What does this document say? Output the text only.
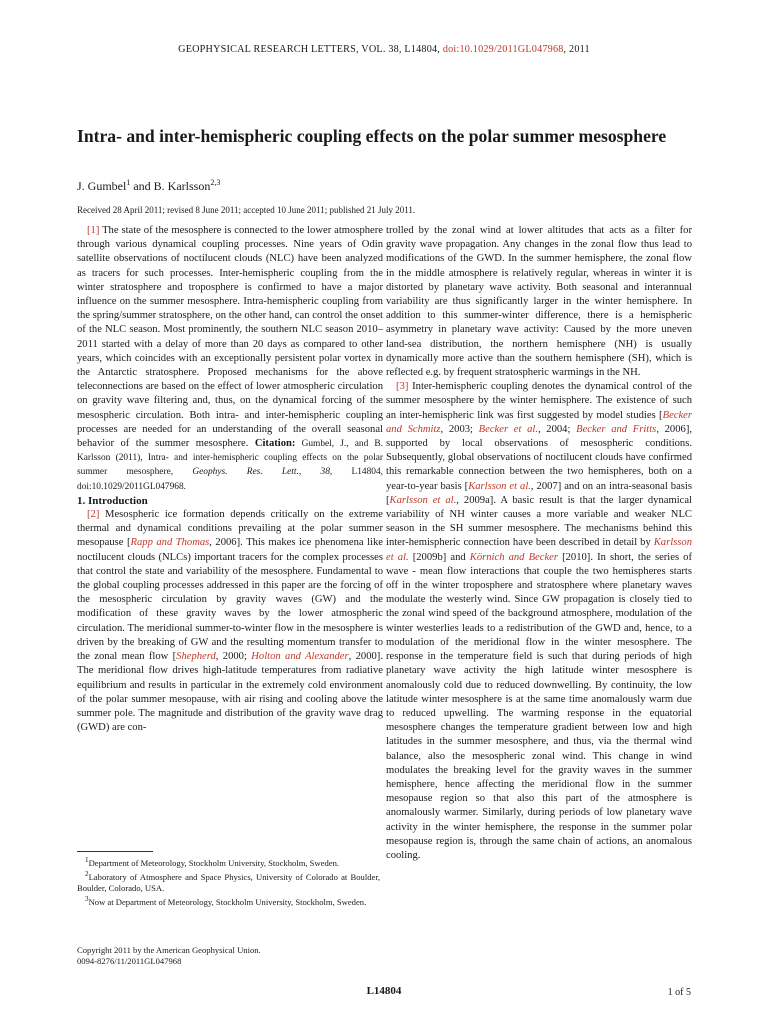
GEOPHYSICAL RESEARCH LETTERS, VOL. 38, L14804, doi:10.1029/2011GL047968, 2011
Intra- and inter-hemispheric coupling effects on the polar summer mesosphere
J. Gumbel$^1$ and B. Karlsson$^{2,3}$
Received 28 April 2011; revised 8 June 2011; accepted 10 June 2011; published 21 July 2011.

[1] The state of the mesosphere is connected to the lower atmosphere through various dynamical coupling processes. Nine years of Odin satellite observations of noctilucent clouds (NLC) have been analyzed as tracers for such processes. Inter-hemispheric coupling from the winter stratosphere and troposphere is confirmed to have a major influence on the summer mesosphere. Intra-hemispheric coupling from the spring/summer stratosphere, on the other hand, can control the onset of the NLC season. Most prominently, the southern NLC season 2010–2011 started with a delay of more than 20 days as compared to other years, which coincides with an exceptionally persistent polar vortex in the Antarctic stratosphere. Proposed mechanisms for the above teleconnections are based on the effect of lower atmospheric circulation on gravity wave filtering and, thus, on the dynamical forcing of the mesospheric circulation. Both intra- and inter-hemispheric coupling processes are needed for an understanding of the overall seasonal behavior of the summer mesosphere. Citation: Gumbel, J., and B. Karlsson (2011), Intra- and inter-hemispheric coupling effects on the polar summer mesosphere, Geophys. Res. Lett., 38, L14804, doi:10.1029/2011GL047968.

1. Introduction

[2] Mesospheric ice formation depends critically on the extreme thermal and dynamical conditions prevailing at the polar summer mesopause [Rapp and Thomas, 2006]. This makes ice phenomena like noctilucent clouds (NLCs) important tracers for the complex processes that control the state and variability of the mesosphere. Fundamental to the global coupling processes addressed in this paper are the forcing of the mesospheric circulation by gravity waves (GW) and the modification of these gravity waves by the lower atmospheric circulation. The meridional summer-to-winter flow in the mesosphere is driven by the breaking of GW and the resulting momentum transfer to the zonal mean flow [Shepherd, 2000; Holton and Alexander, 2000]. The meridional flow drives high-latitude temperatures from radiative equilibrium and results in particular in the extremely cold environment of the polar summer mesopause, with air rising and cooling above the summer pole. The magnitude and distribution of the gravity wave drag (GWD) are con-

trolled by the zonal wind at lower altitudes that acts as a filter for gravity wave propagation. Any changes in the zonal flow thus lead to modifications of the GWD. In the summer hemisphere, the zonal flow in the middle atmosphere is relatively regular, whereas in winter it is distorted by planetary wave activity. Both seasonal and interannual variability are thus significantly larger in the winter hemisphere. In addition to this summer-winter difference, there is a hemispheric asymmetry in planetary wave activity: Caused by the more uneven land-sea distribution, the northern hemisphere (NH) is usually dynamically more active than the southern hemisphere (SH), which is reflected e.g. by frequent stratospheric warmings in the NH.

[3] Inter-hemispheric coupling denotes the dynamical control of the summer mesosphere by the winter hemisphere. The existence of such an inter-hemispheric link was first suggested by model studies [Becker and Schmitz, 2003; Becker et al., 2004; Becker and Fritts, 2006], supported by local observations of mesospheric conditions. Subsequently, global observations of noctilucent clouds have confirmed this remarkable connection between the two hemispheres, both on a year-to-year basis [Karlsson et al., 2007] and on an intra-seasonal basis [Karlsson et al., 2009a]. A basic result is that the larger dynamical variability of NH winter causes a more variable and weaker NLC season in the SH summer mesosphere. The mechanisms behind this inter-hemispheric connection have been described in detail by Karlsson et al. [2009b] and Körnich and Becker [2010]. In short, the series of wave - mean flow interactions that couple the two hemispheres starts off in the winter troposphere and stratosphere where planetary waves modulate the westerly wind. Since GW propagation is closely tied to the zonal wind speed of the background atmosphere, modulation of the winter westerlies leads to a redistribution of the GWD and, hence, to a modulation of the meridional flow in the winter mesosphere. The response in the temperature field is such that during periods of high planetary wave activity the high latitude winter mesosphere is anomalously cold due to reduced downwelling. By continuity, the low latitude winter mesosphere is at the same time anomalously warm due to reduced upwelling. The warming response in the equatorial mesosphere changes the temperature gradient between low and high latitudes in the summer mesosphere, and thus, via the thermal wind balance, also the mesospheric zonal wind. This change in wind modulates the breaking level for the gravity waves in the summer hemisphere, hence affecting the meridional flow in the summer mesopause region so that also this part of the atmosphere is anomalously warmer. Similarly, during periods of low planetary wave activity in the winter hemisphere, the response in the summer polar mesopause region is, through the same chain of actions, an anomalous cooling.

$^1$Department of Meteorology, Stockholm University, Stockholm, Sweden.

$^2$Laboratory of Atmosphere and Space Physics, University of Colorado at Boulder, Boulder, Colorado, USA.

$^3$Now at Department of Meteorology, Stockholm University, Stockholm, Sweden.

Copyright 2011 by the American Geophysical Union.
0094-8276/11/2011GL047968
L14804	1 of 5
